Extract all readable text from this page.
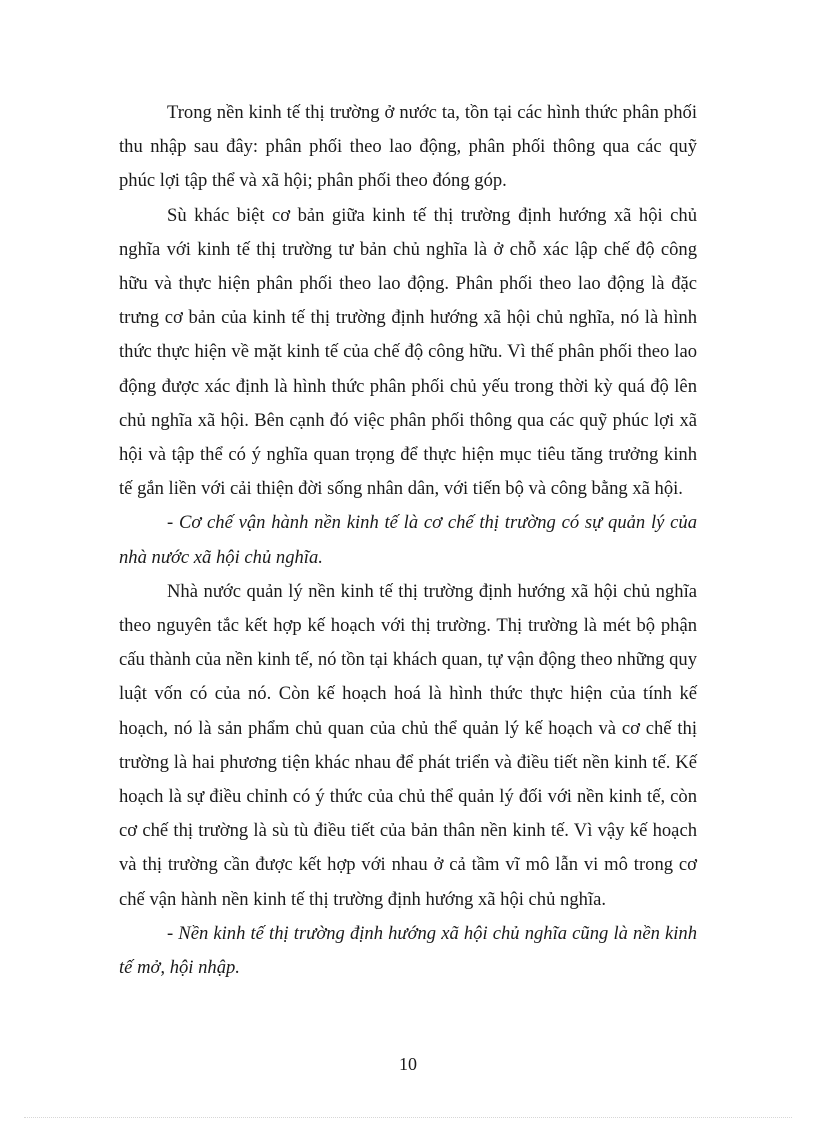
Trong nền kinh tế thị trường ở nước ta, tồn tại các hình thức phân phối thu nhập sau đây: phân phối theo lao động, phân phối thông qua các quỹ phúc lợi tập thể và xã hội; phân phối theo đóng góp.

Sù khác biệt cơ bản giữa kinh tế thị trường định hướng xã hội chủ nghĩa với kinh tế thị trường tư bản chủ nghĩa là ở chỗ xác lập chế độ công hữu và thực hiện phân phối theo lao động. Phân phối theo lao động là đặc trưng cơ bản của kinh tế thị trường định hướng xã hội chủ nghĩa, nó là hình thức thực hiện về mặt kinh tế của chế độ công hữu. Vì thế phân phối theo lao động được xác định là hình thức phân phối chủ yếu trong thời kỳ quá độ lên chủ nghĩa xã hội. Bên cạnh đó việc phân phối thông qua các quỹ phúc lợi xã hội và tập thể có ý nghĩa quan trọng để thực hiện mục tiêu tăng trưởng kinh tế gắn liền với cải thiện đời sống nhân dân, với tiến bộ và công bằng xã hội.

- Cơ chế vận hành nền kinh tế là cơ chế thị trường có sự quản lý của nhà nước xã hội chủ nghĩa.

Nhà nước quản lý nền kinh tế thị trường định hướng xã hội chủ nghĩa theo nguyên tắc kết hợp kế hoạch với thị trường. Thị trường là mét bộ phận cấu thành của nền kinh tế, nó tồn tại khách quan, tự vận động theo những quy luật vốn có của nó. Còn kế hoạch hoá là hình thức thực hiện của tính kế hoạch, nó là sản phẩm chủ quan của chủ thể quản lý kế hoạch và cơ chế thị trường là hai phương tiện khác nhau để phát triển và điều tiết nền kinh tế. Kế hoạch là sự điều chỉnh có ý thức của chủ thể quản lý đối với nền kinh tế, còn cơ chế thị trường là sù tù điều tiết của bản thân nền kinh tế. Vì vậy kế hoạch và thị trường cần được kết hợp với nhau ở cả tầm vĩ mô lẫn vi mô trong cơ chế vận hành nền kinh tế thị trường định hướng xã hội chủ nghĩa.

- Nền kinh tế thị trường định hướng xã hội chủ nghĩa cũng là nền kinh tế mở, hội nhập.

10
